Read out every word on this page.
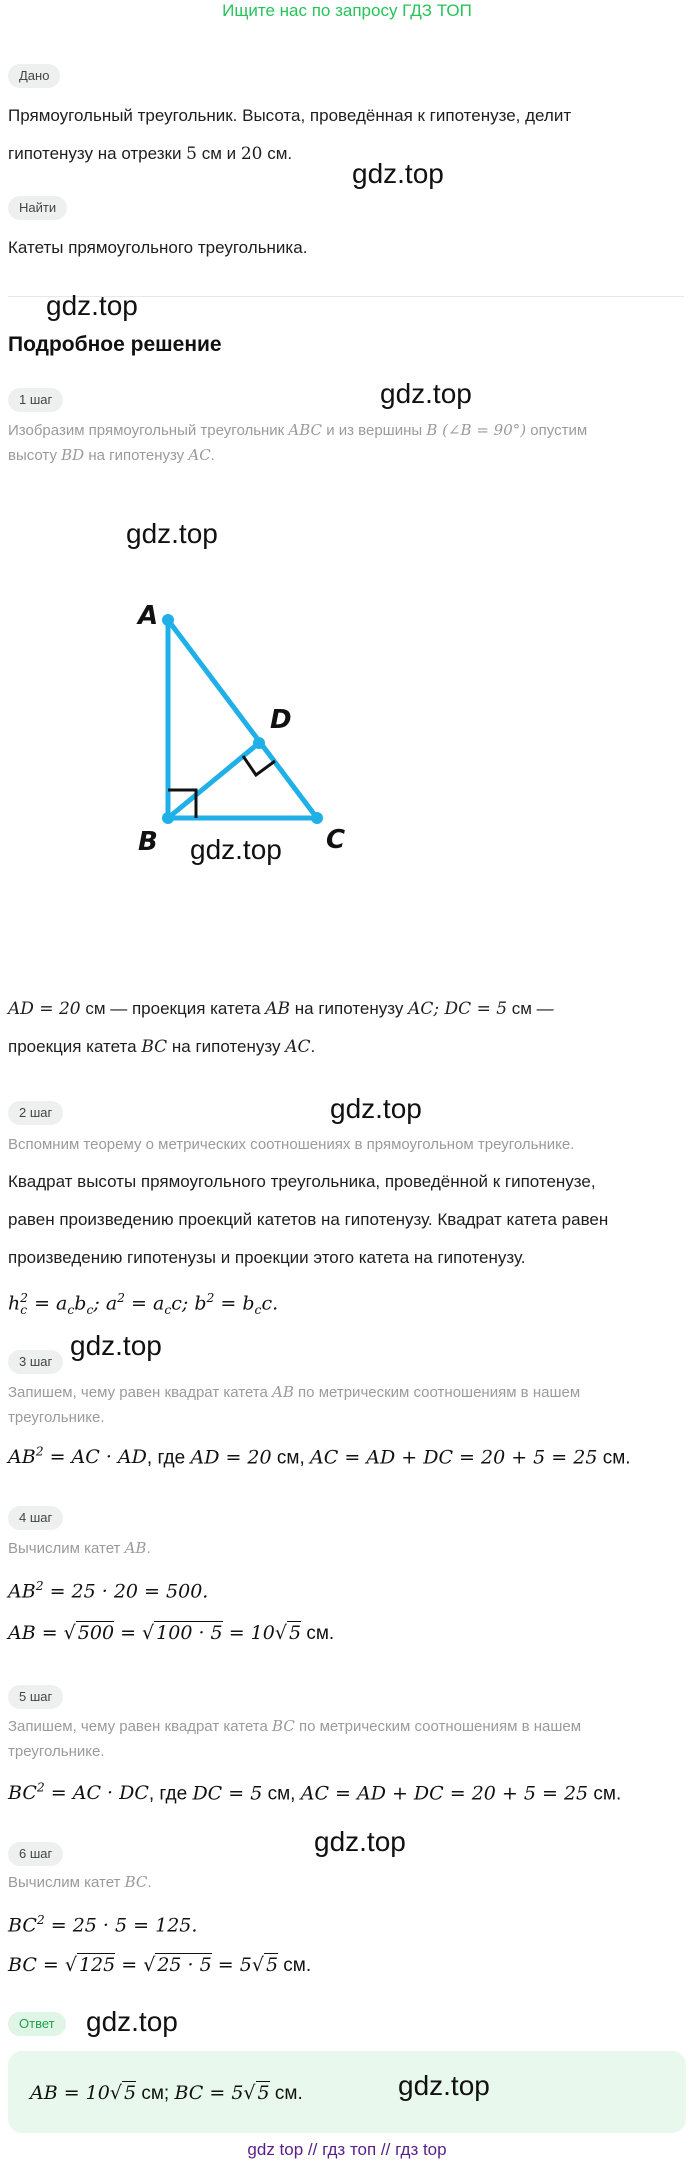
Ищите нас по запросу ГДЗ ТОП
Дано
Прямоугольный треугольник. Высота, проведённая к гипотенузе, делит
гипотенузу на отрезки 5 см и 20 см.
gdz.top
Найти
Катеты прямоугольного треугольника.
gdz.top
Подробное решение
gdz.top
1 шаг
Изобразим прямоугольный треугольник ABC и из вершины B (∠B = 90°) опустим
высоту BD на гипотенузу AC.
gdz.top
A
B	C
D
gdz.top
AD = 20 см — проекция катета AB на гипотенузу AC; DC = 5 см —
проекция катета BC на гипотенузу AC.
2 шаг	gdz.top
Вспомним теорему о метрических соотношениях в прямоугольном треугольнике.
Квадрат высоты прямоугольного треугольника, проведённой к гипотенузе,
равен произведению проекций катетов на гипотенузу. Квадрат катета равен
произведению гипотенузы и проекции этого катета на гипотенузу.
$h_c^2 = a_cb_c$; $a^2 = a_cc$; $b^2 = b_cc$.
3 шаг
gdz.top
Запишем, чему равен квадрат катета AB по метрическим соотношениям в нашем
треугольнике.
$AB^2$ = AC · AD, где AD = 20 см, AC = AD + DC = 20 + 5 = 25 см.
4 шаг
Вычислим катет AB.
$AB^2 = 25 \cdot 20 = 500$.
AB = √ 500 = √ 100 · 5 = 10√ 5 см.
5 шаг
Запишем, чему равен квадрат катета BC по метрическим соотношениям в нашем
треугольнике.
$BC^2$ = AC · DC, где DC = 5 см, AC = AD + DC = 20 + 5 = 25 см.
6 шаг	gdz.top
Вычислим катет BC.
$BC^2 = 25 \cdot 5 = 125$.
BC = √ 125 = √ 25 · 5 = 5√ 5 см.
Ответ	gdz.top
AB = 10√ 5 см; BC = 5√ 5 см.	gdz.top
gdz top // гдз топ // гдз top
